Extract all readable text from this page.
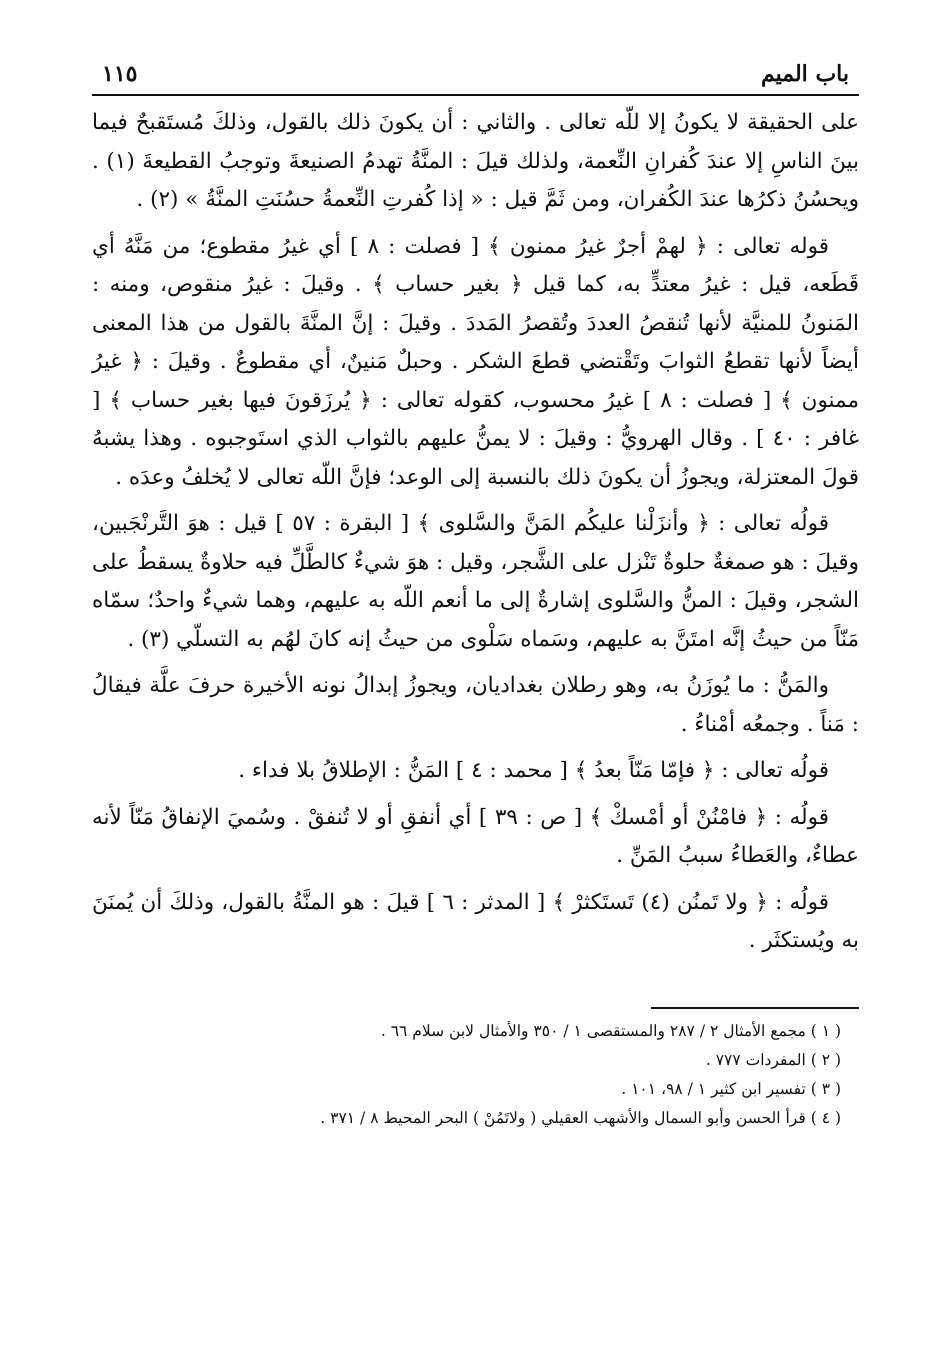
باب الميم
١١٥

على الحقيقة لا يكونُ إلا للّه تعالى . والثاني : أن يكونَ ذلك بالقول، وذلكَ مُستَقبحٌ فيما بينَ الناسِ إلا عندَ كُفرانِ النِّعمة، ولذلك قيلَ : المنَّةُ تهدمُ الصنيعةَ وتوجبُ القطيعةَ (١) . ويحسُنُ ذكرُها عندَ الكُفران، ومن ثَمَّ قيل : « إذا كُفرتِ النِّعمةُ حسُنَتِ المنَّةُ » (٢) .

قوله تعالى : ﴿ لهمْ أجرٌ غيرُ ممنون ﴾ [ فصلت : ٨ ] أي غيرُ مقطوع؛ من مَنَّهُ أي قَطَعه، قيل : غيرُ معتدٍّ به، كما قيل ﴿ بغير حساب ﴾ . وقيلَ : غيرُ منقوص، ومنه : المَنونُ للمنيَّة لأنها تُنقصُ العددَ وتُقصرُ المَددَ . وقيلَ : إنَّ المنَّةَ بالقول من هذا المعنى أيضاً لأنها تقطعُ الثوابَ وتَقْتضي قطعَ الشكر . وحبلٌ مَنينٌ، أي مقطوعٌ . وقيلَ : ﴿ غيرُ ممنون ﴾ [ فصلت : ٨ ] غيرُ محسوب، كقوله تعالى : ﴿ يُرزَقونَ فيها بغير حساب ﴾ [ غافر : ٤٠ ] . وقال الهرويُّ : وقيلَ : لا يمنُّ عليهم بالثواب الذي استَوجبوه . وهذا يشبهُ قولَ المعتزلة، ويجوزُ أن يكونَ ذلك بالنسبة إلى الوعد؛ فإنَّ اللّه تعالى لا يُخلفُ وعدَه .

قولُه تعالى : ﴿ وأنزَلْنا عليكُم المَنَّ والسَّلوى ﴾ [ البقرة : ٥٧ ] قيل : هوَ التَّرنْجَبين، وقيلَ : هو صمغةٌ حلوةٌ تَنْزل على الشَّجر، وقيل : هوَ شيءٌ كالطَّلِّ فيه حلاوةٌ يسقطُ على الشجر، وقيلَ : المنُّ والسَّلوى إشارةٌ إلى ما أنعم اللّه به عليهم، وهما شيءٌ واحدٌ؛ سمّاه مَنّاً من حيثُ إنَّه امتَنَّ به عليهم، وسَماه سَلْوى من حيثُ إنه كانَ لهُم به التسلّي (٣) .

والمَنُّ : ما يُوزَنُ به، وهو رطلان بغداديان، ويجوزُ إبدالُ نونه الأخيرة حرفَ علَّة فيقالُ : مَناً . وجمعُه أمْناءُ .

قولُه تعالى : ﴿ فإمّا مَنّاً بعدُ ﴾ [ محمد : ٤ ] المَنُّ : الإطلاقُ بلا فداء .

قولُه : ﴿ فامْنُنْ أو أمْسكْ ﴾ [ ص : ٣٩ ] أي أنفقِ أو لا تُنفقْ . وسُميَ الإنفاقُ مَنّاً لأنه عطاءٌ، والعَطاءُ سببُ المَنِّ .

قولُه : ﴿ ولا تَمنُن (٤) تَستَكثرْ ﴾ [ المدثر : ٦ ] قيلَ : هو المنَّةُ بالقول، وذلكَ أن يُمنَنَ به ويُستكثَر .

( ١ ) مجمع الأمثال ٢ / ٢٨٧ والمستقصى ١ / ٣٥٠ والأمثال لابن سلام ٦٦ .
( ٢ ) المفردات ٧٧٧ .
( ٣ ) تفسير ابن كثير ١ / ٩٨، ١٠١ .
( ٤ ) قرأ الحسن وأبو السمال والأشهب العقيلي ( ولاتَمُنْ ) البحر المحيط ٨ / ٣٧١ .
